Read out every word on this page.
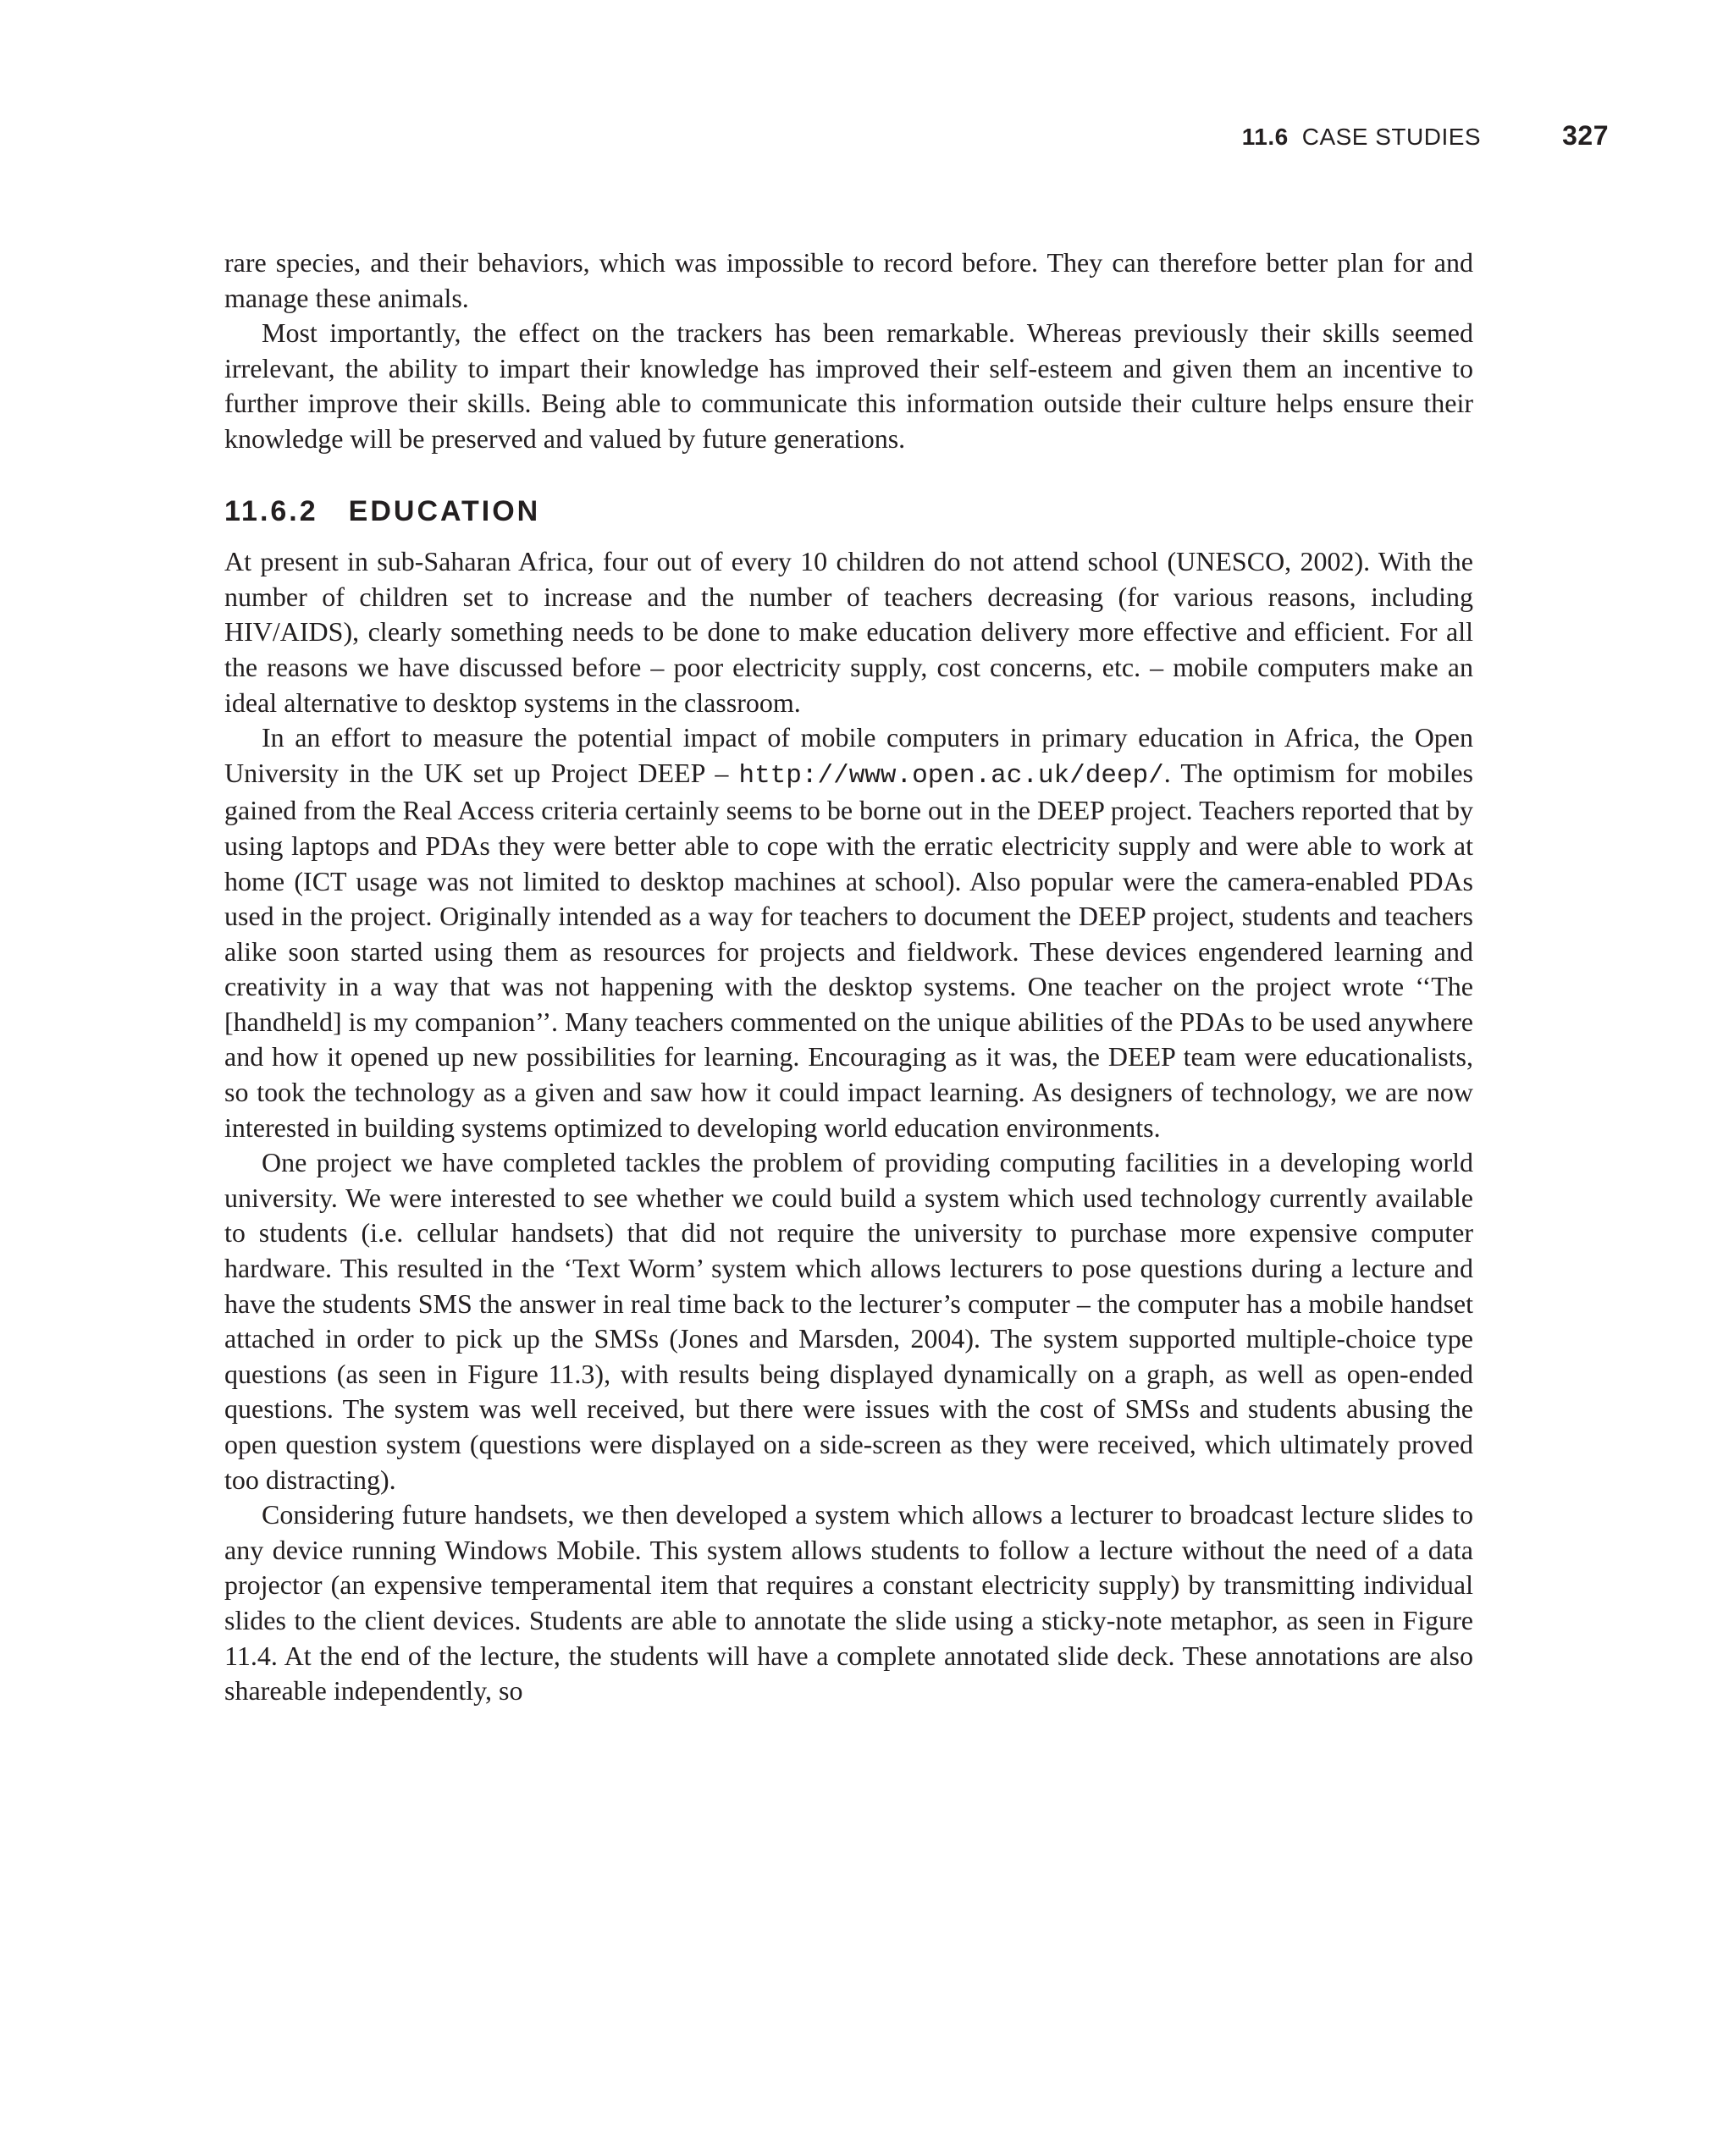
11.6 CASE STUDIES	327

rare species, and their behaviors, which was impossible to record before. They can therefore better plan for and manage these animals.

Most importantly, the effect on the trackers has been remarkable. Whereas previously their skills seemed irrelevant, the ability to impart their knowledge has improved their self-esteem and given them an incentive to further improve their skills. Being able to communicate this information outside their culture helps ensure their knowledge will be preserved and valued by future generations.

11.6.2 EDUCATION

At present in sub-Saharan Africa, four out of every 10 children do not attend school (UNESCO, 2002). With the number of children set to increase and the number of teachers decreasing (for various reasons, including HIV/AIDS), clearly something needs to be done to make education delivery more effective and efficient. For all the reasons we have discussed before – poor electricity supply, cost concerns, etc. – mobile computers make an ideal alternative to desktop systems in the classroom.

In an effort to measure the potential impact of mobile computers in primary education in Africa, the Open University in the UK set up Project DEEP – http://www.open.ac.uk/deep/. The optimism for mobiles gained from the Real Access criteria certainly seems to be borne out in the DEEP project. Teachers reported that by using laptops and PDAs they were better able to cope with the erratic electricity supply and were able to work at home (ICT usage was not limited to desktop machines at school). Also popular were the camera-enabled PDAs used in the project. Originally intended as a way for teachers to document the DEEP project, students and teachers alike soon started using them as resources for projects and fieldwork. These devices engendered learning and creativity in a way that was not happening with the desktop systems. One teacher on the project wrote ‘‘The [handheld] is my companion’’. Many teachers commented on the unique abilities of the PDAs to be used anywhere and how it opened up new possibilities for learning. Encouraging as it was, the DEEP team were educationalists, so took the technology as a given and saw how it could impact learning. As designers of technology, we are now interested in building systems optimized to developing world education environments.

One project we have completed tackles the problem of providing computing facilities in a developing world university. We were interested to see whether we could build a system which used technology currently available to students (i.e. cellular handsets) that did not require the university to purchase more expensive computer hardware. This resulted in the ‘Text Worm’ system which allows lecturers to pose questions during a lecture and have the students SMS the answer in real time back to the lecturer’s computer – the computer has a mobile handset attached in order to pick up the SMSs (Jones and Marsden, 2004). The system supported multiple-choice type questions (as seen in Figure 11.3), with results being displayed dynamically on a graph, as well as open-ended questions. The system was well received, but there were issues with the cost of SMSs and students abusing the open question system (questions were displayed on a side-screen as they were received, which ultimately proved too distracting).

Considering future handsets, we then developed a system which allows a lecturer to broadcast lecture slides to any device running Windows Mobile. This system allows students to follow a lecture without the need of a data projector (an expensive temperamental item that requires a constant electricity supply) by transmitting individual slides to the client devices. Students are able to annotate the slide using a sticky-note metaphor, as seen in Figure 11.4. At the end of the lecture, the students will have a complete annotated slide deck. These annotations are also shareable independently, so
